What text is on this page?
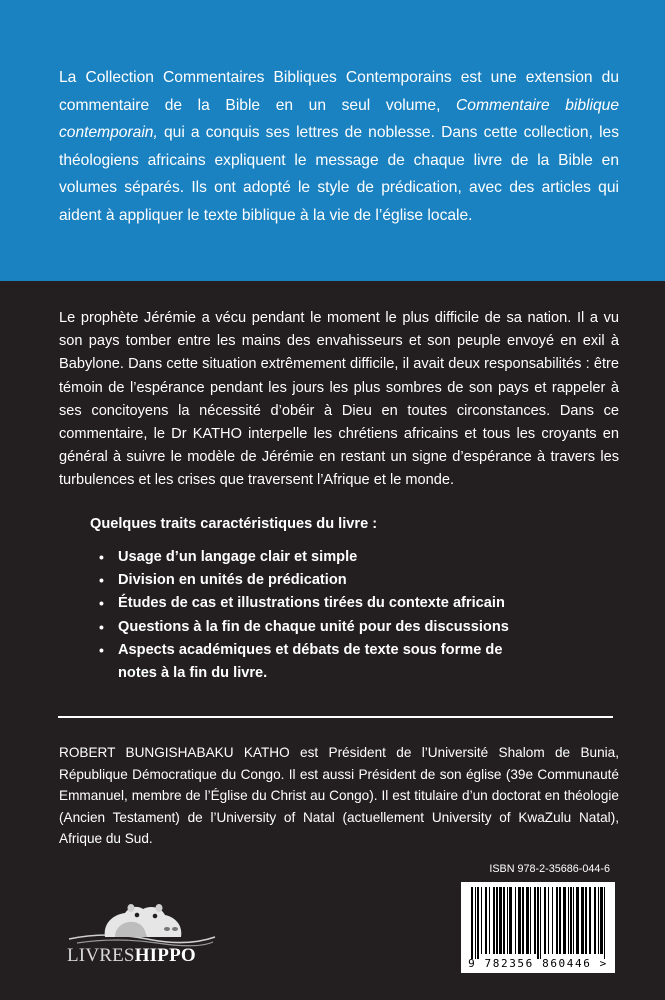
La Collection Commentaires Bibliques Contemporains est une extension du commentaire de la Bible en un seul volume, Commentaire biblique contemporain, qui a conquis ses lettres de noblesse. Dans cette collection, les théologiens africains expliquent le message de chaque livre de la Bible en volumes séparés. Ils ont adopté le style de prédication, avec des articles qui aident à appliquer le texte biblique à la vie de l’église locale.

Le prophète Jérémie a vécu pendant le moment le plus difficile de sa nation. Il a vu son pays tomber entre les mains des envahisseurs et son peuple envoyé en exil à Babylone. Dans cette situation extrêmement difficile, il avait deux responsabilités : être témoin de l’espérance pendant les jours les plus sombres de son pays et rappeler à ses concitoyens la nécessité d’obéir à Dieu en toutes circonstances. Dans ce commentaire, le Dr KATHO interpelle les chrétiens africains et tous les croyants en général à suivre le modèle de Jérémie en restant un signe d’espérance à travers les turbulences et les crises que traversent l’Afrique et le monde.

Quelques traits caractéristiques du livre :

• Usage d’un langage clair et simple
• Division en unités de prédication
• Études de cas et illustrations tirées du contexte africain
• Questions à la fin de chaque unité pour des discussions
• Aspects académiques et débats de texte sous forme de notes à la fin du livre.

ROBERT BUNGISHABAKU KATHO est Président de l’Université Shalom de Bunia, République Démocratique du Congo. Il est aussi Président de son église (39e Communauté Emmanuel, membre de l’Église du Christ au Congo). Il est titulaire d’un doctorat en théologie (Ancien Testament) de l’University of Natal (actuellement University of KwaZulu Natal), Afrique du Sud.

ISBN 978-2-35686-044-6

9 782356 860446 >

LIVRESHIPPO
